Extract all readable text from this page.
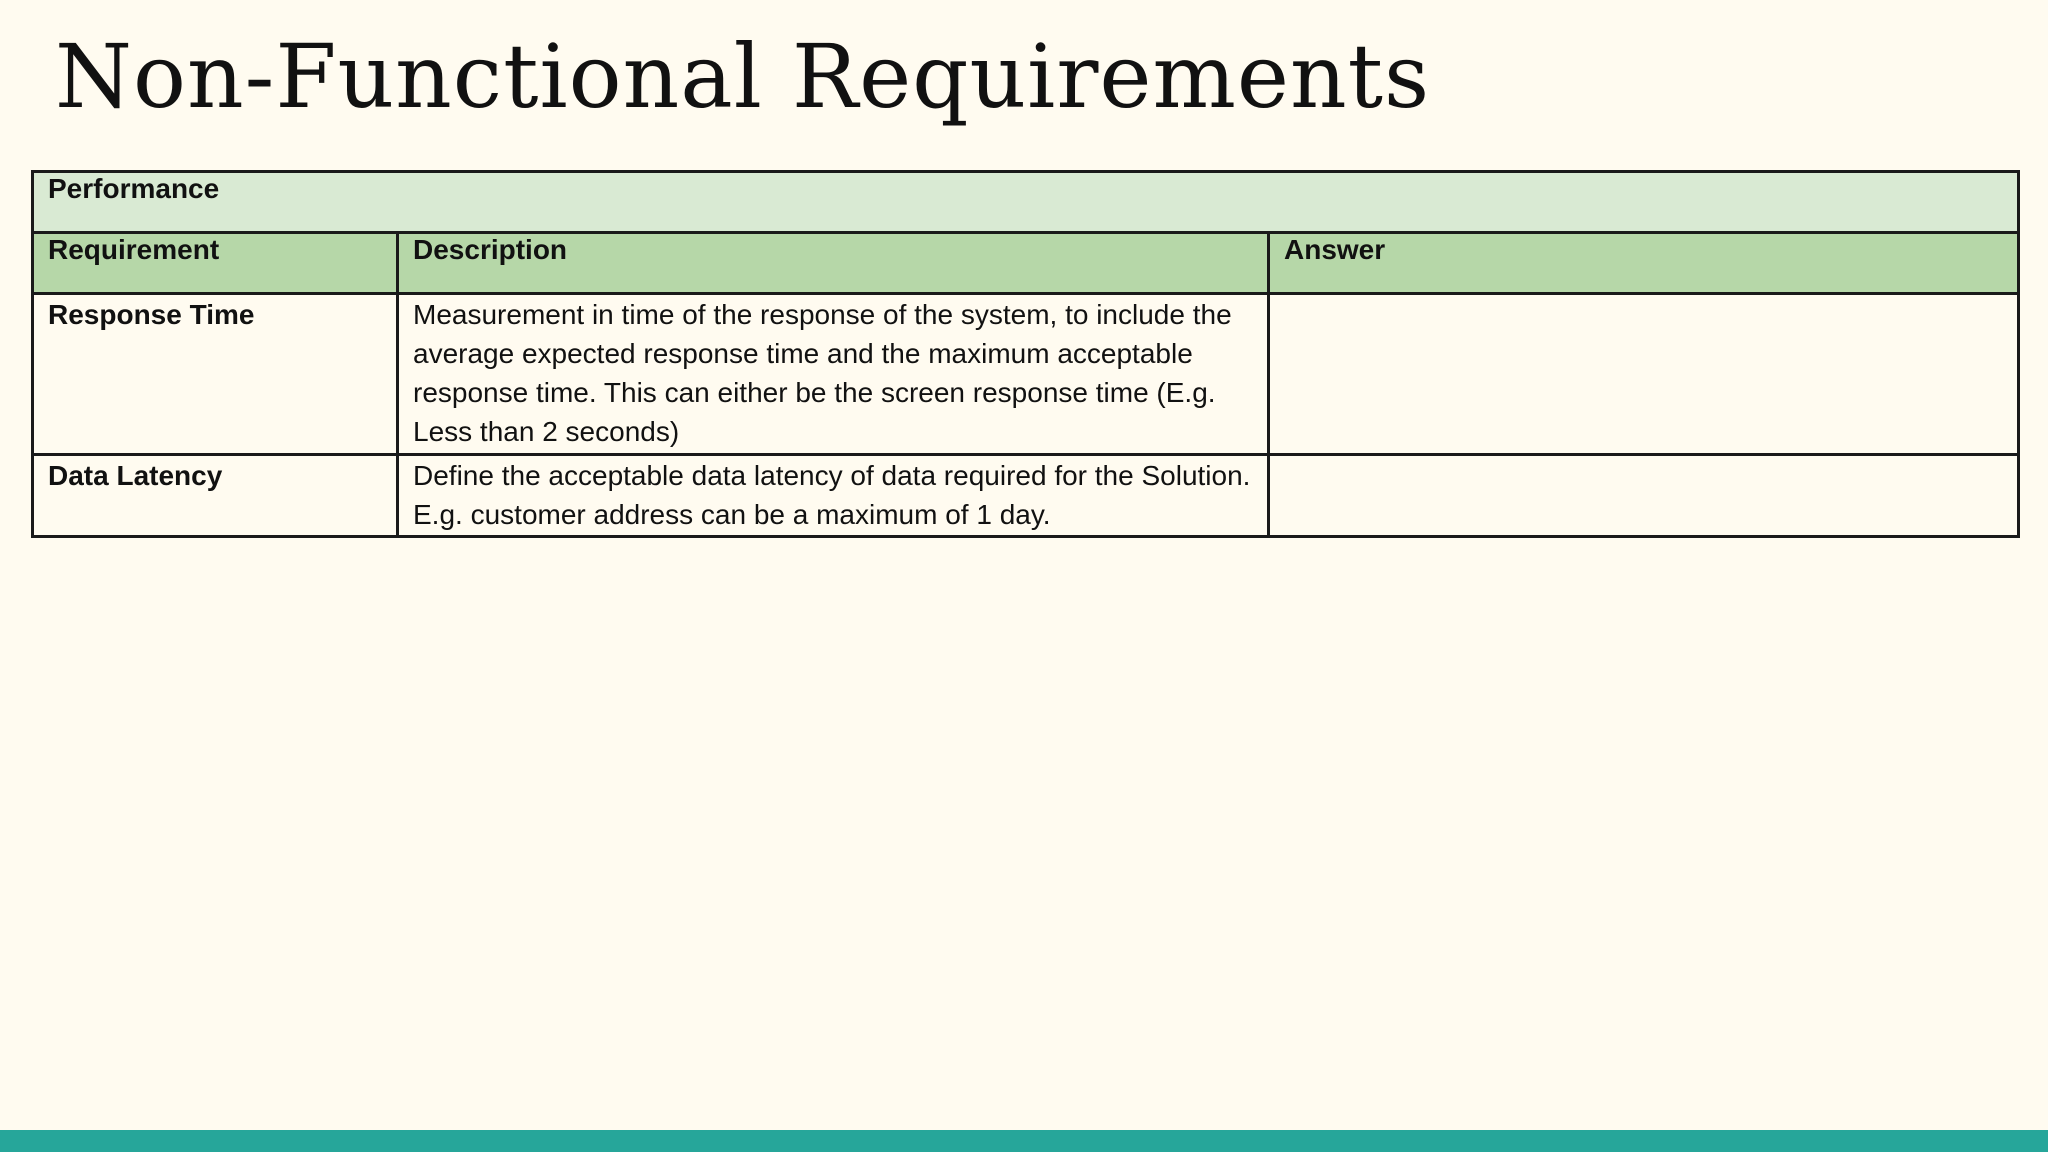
Non-Functional Requirements
Performance		
Requirement	Description	Answer
Response Time	Measurement in time of the response of the system, to include the average expected response time and the maximum acceptable response time. This can either be the screen response time (E.g. Less than 2 seconds)	
Data Latency	Define the acceptable data latency of data required for the Solution. E.g. customer address can be a maximum of 1 day.	
